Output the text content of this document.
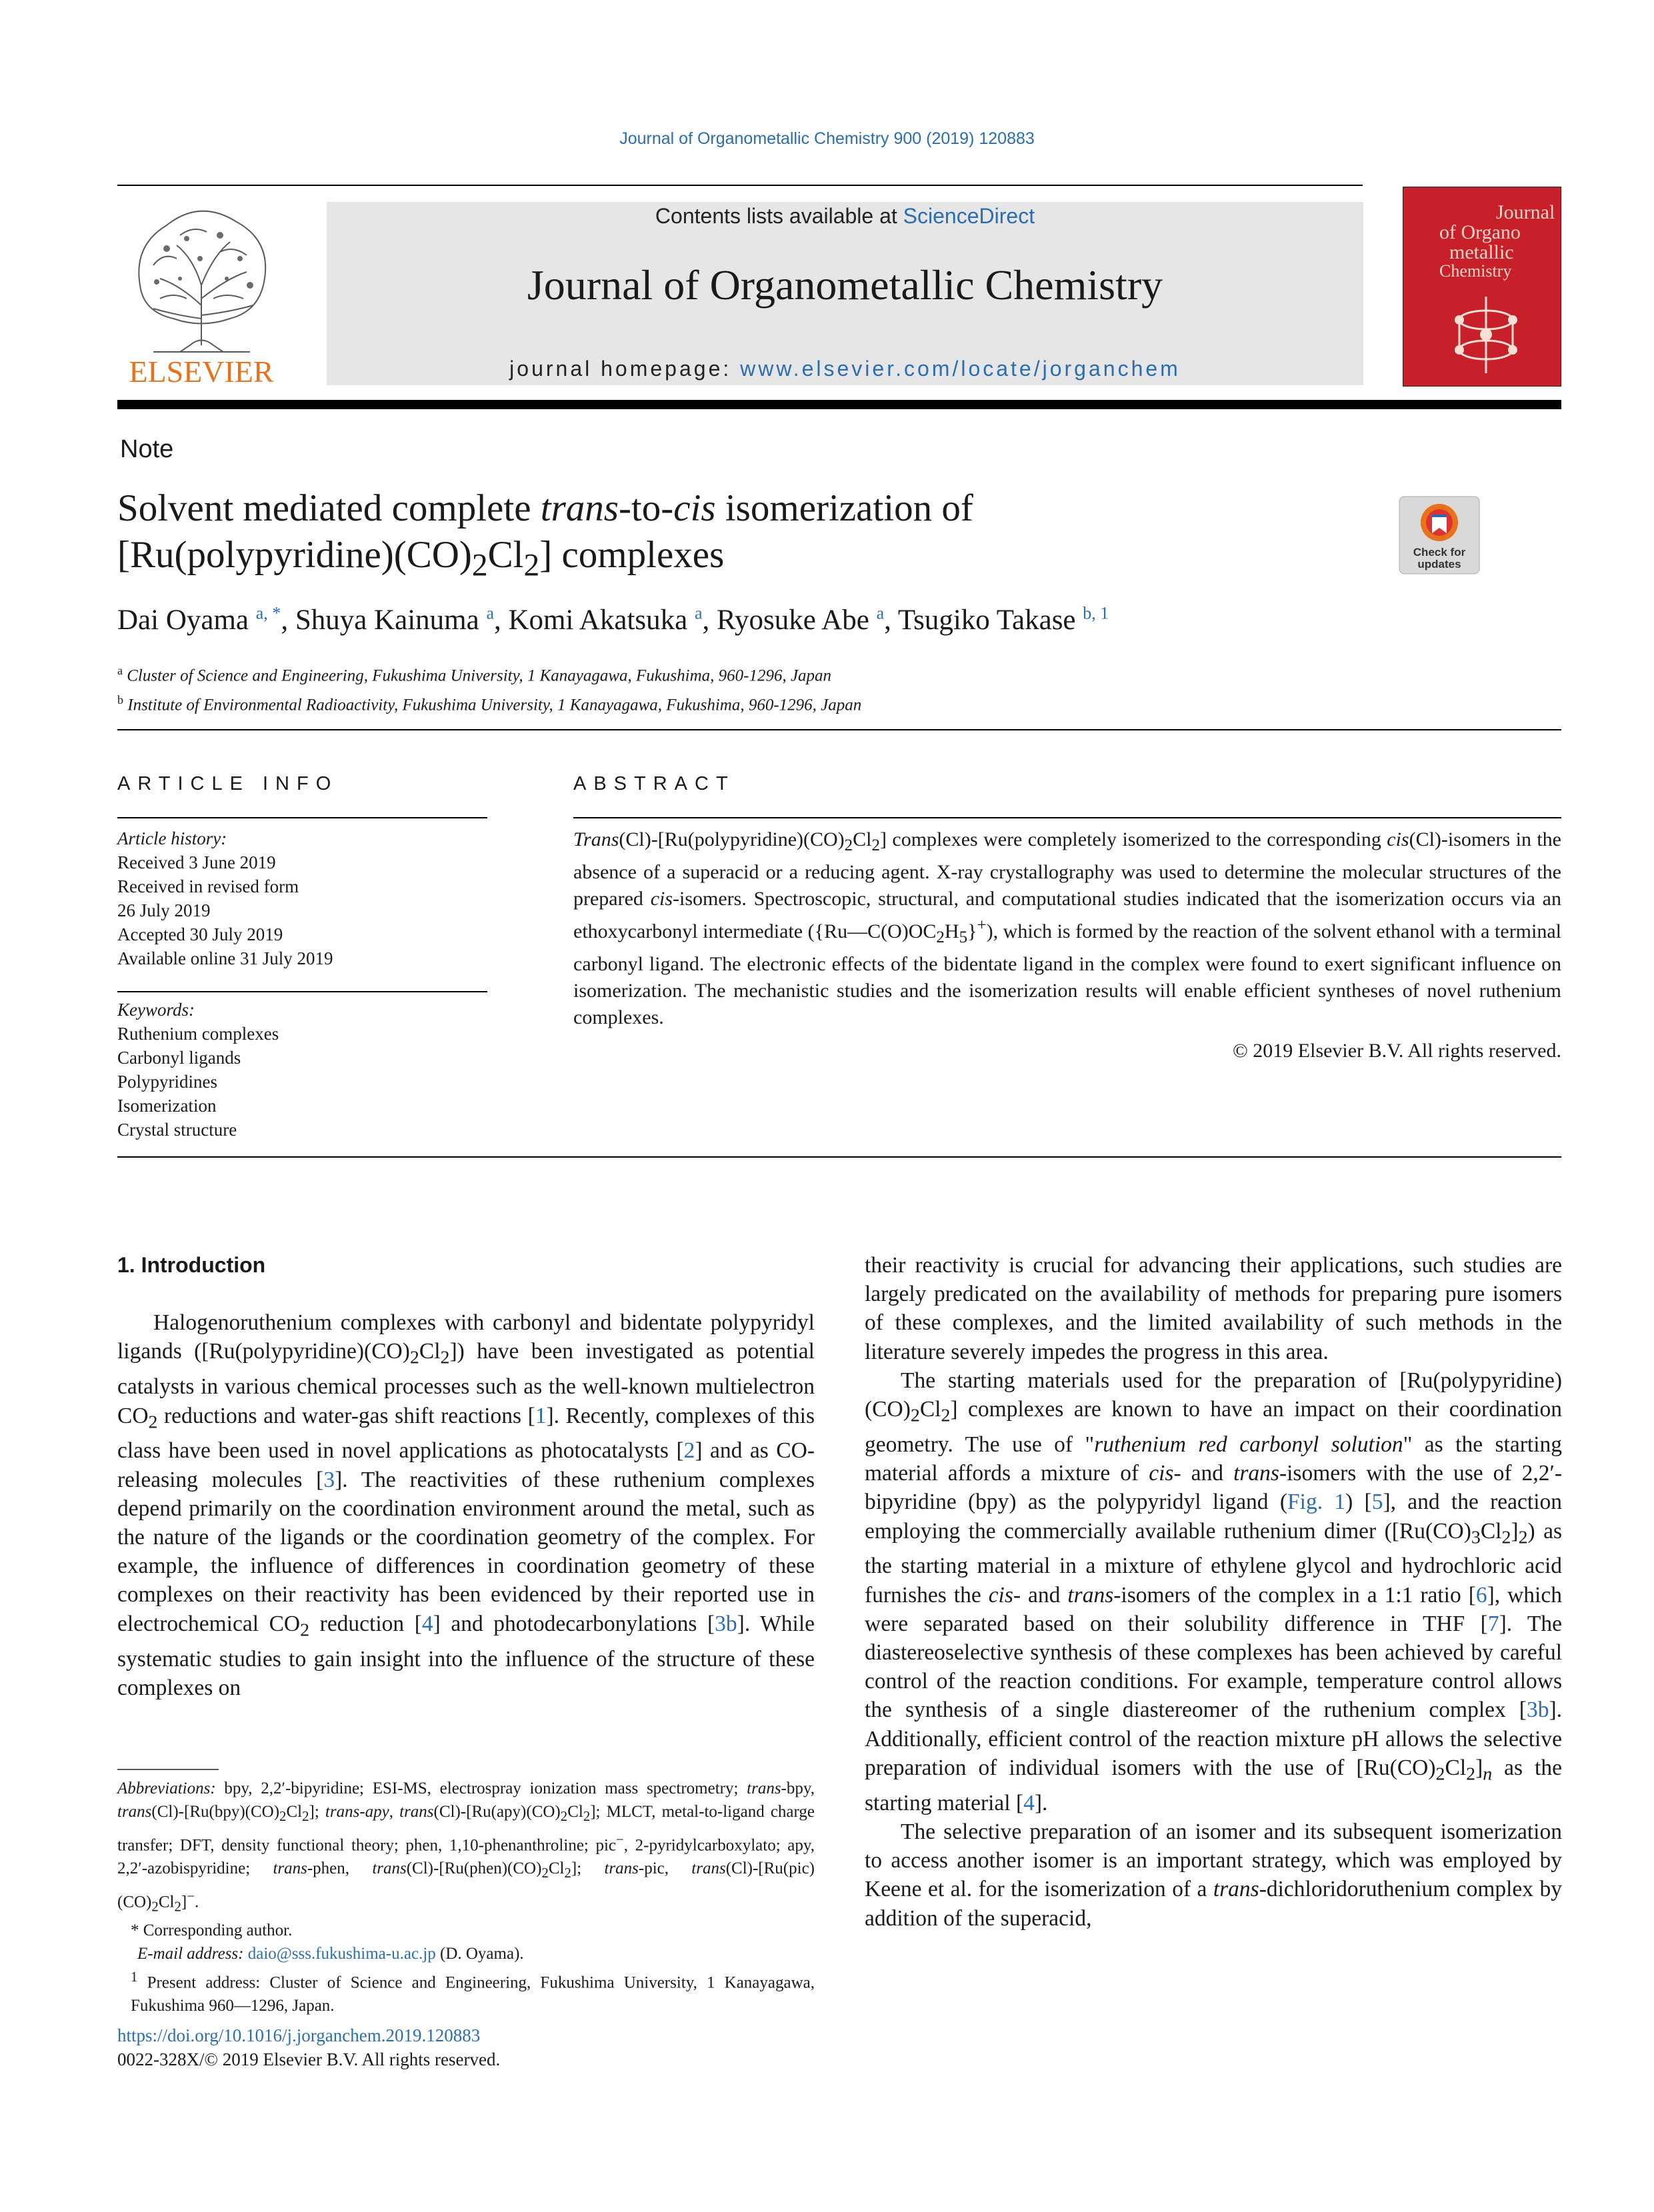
Journal of Organometallic Chemistry 900 (2019) 120883
ELSEVIER
Contents lists available at ScienceDirect
Journal of Organometallic Chemistry
journal homepage: www.elsevier.com/locate/jorganchem
Journal
of Organo
metallic
Chemistry
Note
Solvent mediated complete trans-to-cis isomerization of
$[Ru(polypyridine)(CO)_2Cl_2]$ complexes	Check for
updates
Dai Oyama $^{a, *}$, Shuya Kainuma $^a$, Komi Akatsuka $^a$, Ryosuke Abe $^a$, Tsugiko Takase $^{b, 1}$
$^a$ Cluster of Science and Engineering, Fukushima University, 1 Kanayagawa, Fukushima, 960-1296, Japan
$^b$ Institute of Environmental Radioactivity, Fukushima University, 1 Kanayagawa, Fukushima, 960-1296, Japan
ARTICLE INFO	ABSTRACT
Article history:
Received 3 June 2019
Received in revised form
26 July 2019
Accepted 30 July 2019
Available online 31 July 2019
Keywords:
Ruthenium complexes
Carbonyl ligands
Polypyridines
Isomerization
Crystal structure
$Trans(Cl)-[Ru(polypyridine)(CO)_2Cl_2]$ complexes were completely isomerized to the corresponding cis(Cl)-isomers in the absence of a superacid or a reducing agent. X-ray crystallography was used to determine the molecular structures of the prepared cis-isomers. Spectroscopic, structural, and computational studies indicated that the isomerization occurs via an ethoxycarbonyl intermediate $(\{Ru—C(O)OC_2H_5\}^+)$, which is formed by the reaction of the solvent ethanol with a terminal carbonyl ligand. The electronic effects of the bidentate ligand in the complex were found to exert significant influence on isomerization. The mechanistic studies and the isomerization results will enable efficient syntheses of novel ruthenium complexes.
© 2019 Elsevier B.V. All rights reserved.

1. Introduction

Halogenoruthenium complexes with carbonyl and bidentate polypyridyl ligands $([Ru(polypyridine)(CO)_2Cl_2])$ have been investigated as potential catalysts in various chemical processes such as the well-known multielectron $CO_2$ reductions and water-gas shift reactions [1]. Recently, complexes of this class have been used in novel applications as photocatalysts [2] and as CO-releasing molecules [3]. The reactivities of these ruthenium complexes depend primarily on the coordination environment around the metal, such as the nature of the ligands or the coordination geometry of the complex. For example, the influence of differences in coordination geometry of these complexes on their reactivity has been evidenced by their reported use in electrochemical $CO_2$ reduction [4] and photodecarbonylations [3b]. While systematic studies to gain insight into the influence of the structure of these complexes on

Abbreviations: bpy, 2,2′-bipyridine; ESI-MS, electrospray ionization mass spectrometry; trans-bpy, $trans(Cl)-[Ru(bpy)(CO)_2Cl_2]$; trans-apy, $trans(Cl)-[Ru(apy)(CO)_2Cl_2]$; MLCT, metal-to-ligand charge transfer; DFT, density functional theory; phen, 1,10-phenanthroline; pic−, 2-pyridylcarboxylato; apy, 2,2′-azobispyridine; trans-phen, $trans(Cl)-[Ru(phen)(CO)_2Cl_2]$; trans-pic, $trans(Cl)-[Ru(pic)(CO)_2Cl_2]^-$.

* Corresponding author.

E-mail address: daio@sss.fukushima-u.ac.jp (D. Oyama).

$^1$ Present address: Cluster of Science and Engineering, Fukushima University, 1 Kanayagawa, Fukushima 960—1296, Japan.

https://doi.org/10.1016/j.jorganchem.2019.120883
0022-328X/© 2019 Elsevier B.V. All rights reserved.

their reactivity is crucial for advancing their applications, such studies are largely predicated on the availability of methods for preparing pure isomers of these complexes, and the limited availability of such methods in the literature severely impedes the progress in this area.

The starting materials used for the preparation of $[Ru(polypyridine)(CO)_2Cl_2]$ complexes are known to have an impact on their coordination geometry. The use of "ruthenium red carbonyl solution" as the starting material affords a mixture of cis- and trans-isomers with the use of 2,2′-bipyridine (bpy) as the polypyridyl ligand (Fig. 1) [5], and the reaction employing the commercially available ruthenium dimer $([Ru(CO)_3Cl_2]_2)$ as the starting material in a mixture of ethylene glycol and hydrochloric acid furnishes the cis- and trans-isomers of the complex in a 1:1 ratio [6], which were separated based on their solubility difference in THF [7]. The diastereoselective synthesis of these complexes has been achieved by careful control of the reaction conditions. For example, temperature control allows the synthesis of a single diastereomer of the ruthenium complex [3b]. Additionally, efficient control of the reaction mixture pH allows the selective preparation of individual isomers with the use of $[Ru(CO)_2Cl_2]_n$ as the starting material [4].

The selective preparation of an isomer and its subsequent isomerization to access another isomer is an important strategy, which was employed by Keene et al. for the isomerization of a trans-dichloridoruthenium complex by addition of the superacid,
